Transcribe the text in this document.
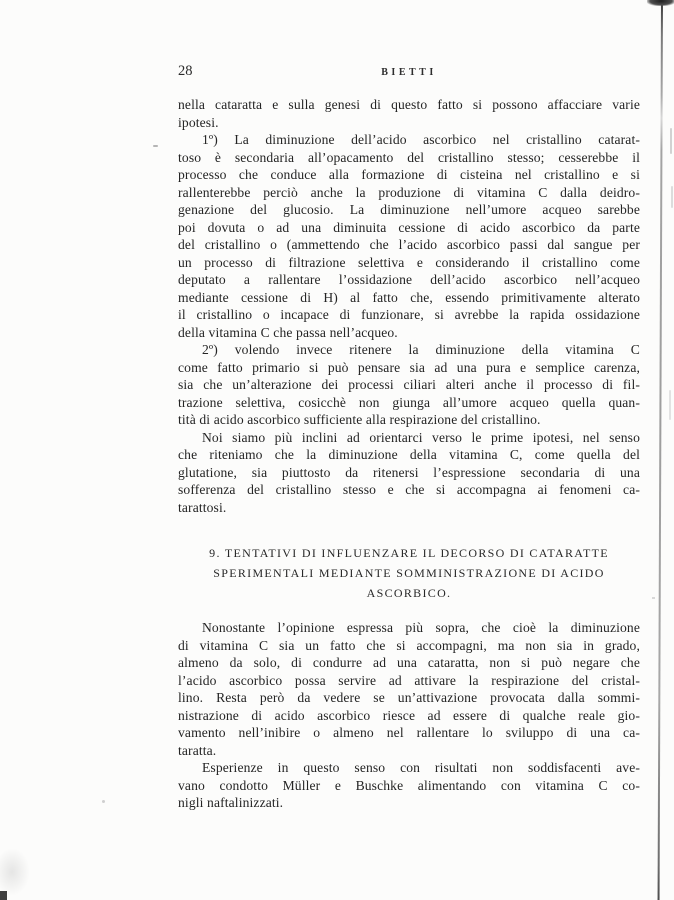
28	BIETTI
nella cataratta e sulla genesi di questo fatto si possono affacciare varie
ipotesi.
1º) La diminuzione dell’acido ascorbico nel cristallino catarat-
toso è secondaria all’opacamento del cristallino stesso; cesserebbe il
processo che conduce alla formazione di cisteina nel cristallino e si
rallenterebbe perciò anche la produzione di vitamina C dalla deidro-
genazione del glucosio. La diminuzione nell’umore acqueo sarebbe
poi dovuta o ad una diminuita cessione di acido ascorbico da parte
del cristallino o (ammettendo che l’acido ascorbico passi dal sangue per
un processo di filtrazione selettiva e considerando il cristallino come
deputato a rallentare l’ossidazione dell’acido ascorbico nell’acqueo
mediante cessione di H) al fatto che, essendo primitivamente alterato
il cristallino o incapace di funzionare, si avrebbe la rapida ossidazione
della vitamina C che passa nell’acqueo.
2º) volendo invece ritenere la diminuzione della vitamina C
come fatto primario si può pensare sia ad una pura e semplice carenza,
sia che un’alterazione dei processi ciliari alteri anche il processo di fil-
trazione selettiva, cosicchè non giunga all’umore acqueo quella quan-
tità di acido ascorbico sufficiente alla respirazione del cristallino.
Noi siamo più inclini ad orientarci verso le prime ipotesi, nel senso
che riteniamo che la diminuzione della vitamina C, come quella del
glutatione, sia piuttosto da ritenersi l’espressione secondaria di una
sofferenza del cristallino stesso e che si accompagna ai fenomeni ca-
tarattosi.
9. TENTATIVI DI INFLUENZARE IL DECORSO DI CATARATTE
SPERIMENTALI MEDIANTE SOMMINISTRAZIONE DI ACIDO ASCORBICO.
Nonostante l’opinione espressa più sopra, che cioè la diminuzione
di vitamina C sia un fatto che si accompagni, ma non sia in grado,
almeno da solo, di condurre ad una cataratta, non si può negare che
l’acido ascorbico possa servire ad attivare la respirazione del cristal-
lino. Resta però da vedere se un’attivazione provocata dalla sommi-
nistrazione di acido ascorbico riesce ad essere di qualche reale gio-
vamento nell’inibire o almeno nel rallentare lo sviluppo di una ca-
taratta.
Esperienze in questo senso con risultati non soddisfacenti ave-
vano condotto Müller e Buschke alimentando con vitamina C co-
nigli naftalinizzati.
